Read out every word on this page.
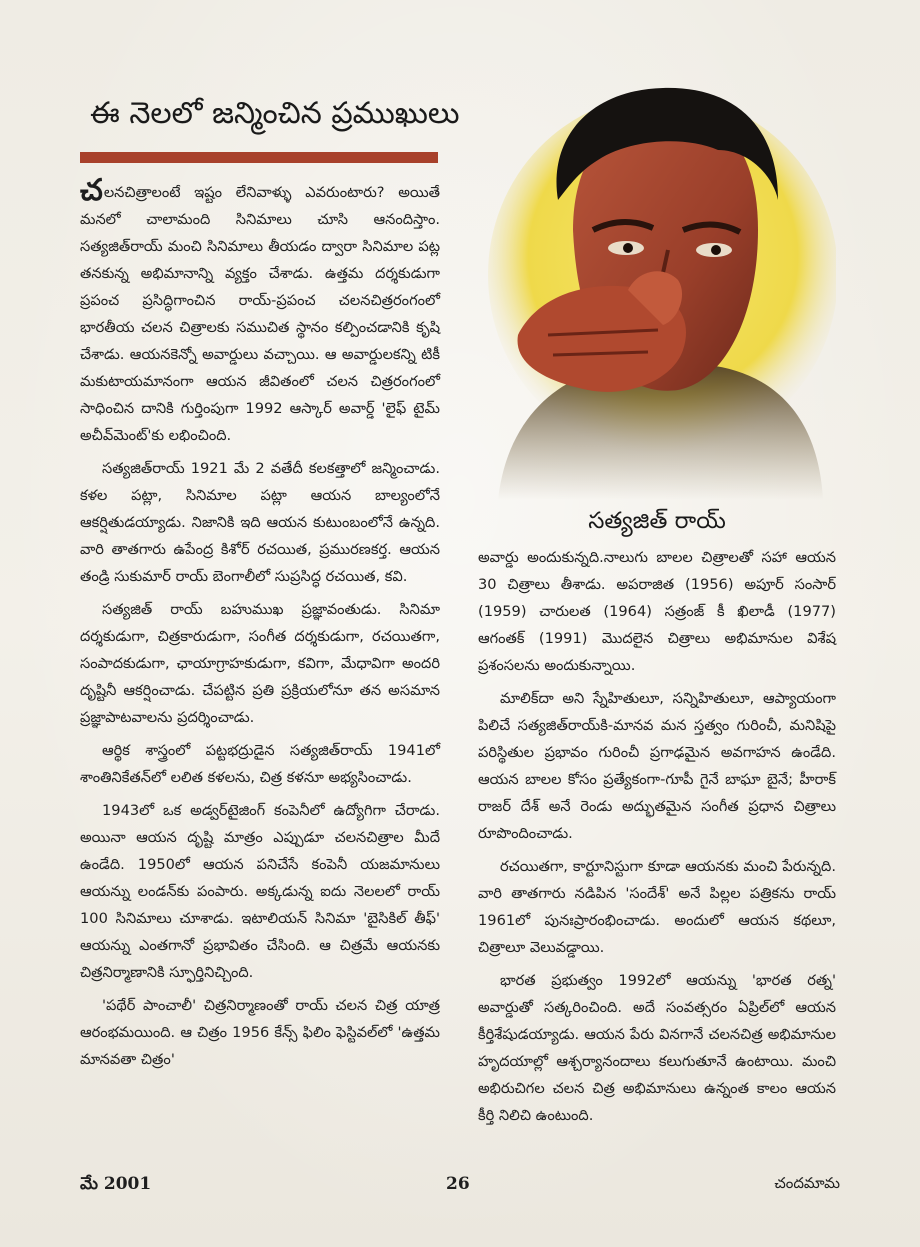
ఈ నెలలో జన్మించిన ప్రముఖులు

చలనచిత్రాలంటే ఇష్టం లేనివాళ్ళు ఎవరుంటారు? అయితే మనలో చాలామంది సినిమాలు చూసి ఆనందిస్తాం. సత్యజిత్‌రాయ్ మంచి సినిమాలు తీయడం ద్వారా సినిమాల పట్ల తనకున్న అభిమానాన్ని వ్యక్తం చేశాడు. ఉత్తమ దర్శకుడుగా ప్రపంచ ప్రసిద్ధిగాంచిన రాయ్-ప్రపంచ చలనచిత్రరంగంలో భారతీయ చలన చిత్రాలకు సముచిత స్థానం కల్పించడానికి కృషి చేశాడు. ఆయనకెన్నో అవార్డులు వచ్చాయి. ఆ అవార్డులకన్ని టికీ మకుటాయమానంగా ఆయన జీవితంలో చలన చిత్రరంగంలో సాధించిన దానికి గుర్తింపుగా 1992 ఆస్కార్ అవార్డ్ 'లైఫ్ టైమ్ అచీవ్‌మెంట్'కు లభించింది.

సత్యజిత్‌రాయ్ 1921 మే 2 వతేదీ కలకత్తాలో జన్మించాడు. కళల పట్లా, సినిమాల పట్లా ఆయన బాల్యంలోనే ఆకర్షితుడయ్యాడు. నిజానికి ఇది ఆయన కుటుంబంలోనే ఉన్నది. వారి తాతగారు ఉపేంద్ర కిశోర్ రచయిత, ప్రమురణకర్త. ఆయన తండ్రి సుకుమార్ రాయ్ బెంగాలీలో సుప్రసిద్ధ రచయిత, కవి.

సత్యజిత్ రాయ్ బహుముఖ ప్రజ్ఞావంతుడు. సినిమా దర్శకుడుగా, చిత్రకారుడుగా, సంగీత దర్శకుడుగా, రచయితగా, సంపాదకుడుగా, ఛాయాగ్రాహకుడుగా, కవిగా, మేధావిగా అందరి దృష్టినీ ఆకర్షించాడు. చేపట్టిన ప్రతి ప్రక్రియలోనూ తన అసమాన ప్రజ్ఞాపాటవాలను ప్రదర్శించాడు.

ఆర్థిక శాస్త్రంలో పట్టభద్రుడైన సత్యజిత్‌రాయ్ 1941లో శాంతినికేతన్‌లో లలిత కళలను, చిత్ర కళనూ అభ్యసించాడు.

1943లో ఒక అడ్వర్‌టైజింగ్ కంపెనీలో ఉద్యోగిగా చేరాడు. అయినా ఆయన దృష్టి మాత్రం ఎప్పుడూ చలనచిత్రాల మీదే ఉండేది. 1950లో ఆయన పనిచేసే కంపెనీ యజమానులు ఆయన్ను లండన్‌కు పంపారు. అక్కడున్న ఐదు నెలలలో రాయ్ 100 సినిమాలు చూశాడు. ఇటాలియన్ సినిమా 'బైసికిల్ తీఫ్' ఆయన్ను ఎంతగానో ప్రభావితం చేసింది. ఆ చిత్రమే ఆయనకు చిత్రనిర్మాణానికి స్ఫూర్తినిచ్చింది.

'పథేర్ పాంచాలీ' చిత్రనిర్మాణంతో రాయ్ చలన చిత్ర యాత్ర ఆరంభమయింది. ఆ చిత్రం 1956 కేన్స్ ఫిలిం ఫెస్టివల్‌లో 'ఉత్తమ మానవతా చిత్రం'

సత్యజిత్ రాయ్

అవార్డు అందుకున్నది.నాలుగు బాలల చిత్రాలతో సహా ఆయన 30 చిత్రాలు తీశాడు. అపరాజిత (1956) అపూర్ సంసార్ (1959) చారులత (1964) సత్రంజ్ కీ ఖిలాడీ (1977) ఆగంతక్ (1991) మొదలైన చిత్రాలు అభిమానుల విశేష ప్రశంసలను అందుకున్నాయి.

మాలిక్‌దా అని స్నేహితులూ, సన్నిహితులూ, ఆప్యాయంగా పిలిచే సత్యజిత్‌రాయ్‌కి-మానవ మన స్తత్వం గురించీ, మనిషిపై పరిస్థితుల ప్రభావం గురించీ ప్రగాఢమైన అవగాహన ఉండేది. ఆయన బాలల కోసం ప్రత్యేకంగా-గూపీ గైనే బాఘా బైనే; హీరాక్ రాజర్ దేశ్ అనే రెండు అద్భుతమైన సంగీత ప్రధాన చిత్రాలు రూపొందించాడు.

రచయితగా, కార్టూనిస్టుగా కూడా ఆయనకు మంచి పేరున్నది. వారి తాతగారు నడిపిన 'సందేశ్' అనే పిల్లల పత్రికను రాయ్ 1961లో పునఃప్రారంభించాడు. అందులో ఆయన కథలూ, చిత్రాలూ వెలువడ్డాయి.

భారత ప్రభుత్వం 1992లో ఆయన్ను 'భారత రత్న' అవార్డుతో సత్కరించింది. అదే సంవత్సరం ఏప్రిల్‌లో ఆయన కీర్తిశేషుడయ్యాడు. ఆయన పేరు వినగానే చలనచిత్ర అభిమానుల హృదయాల్లో ఆశ్చర్యానందాలు కలుగుతూనే ఉంటాయి. మంచి అభిరుచిగల చలన చిత్ర అభిమానులు ఉన్నంత కాలం ఆయన కీర్తి నిలిచి ఉంటుంది.

మే 2001	26	చందమామ
